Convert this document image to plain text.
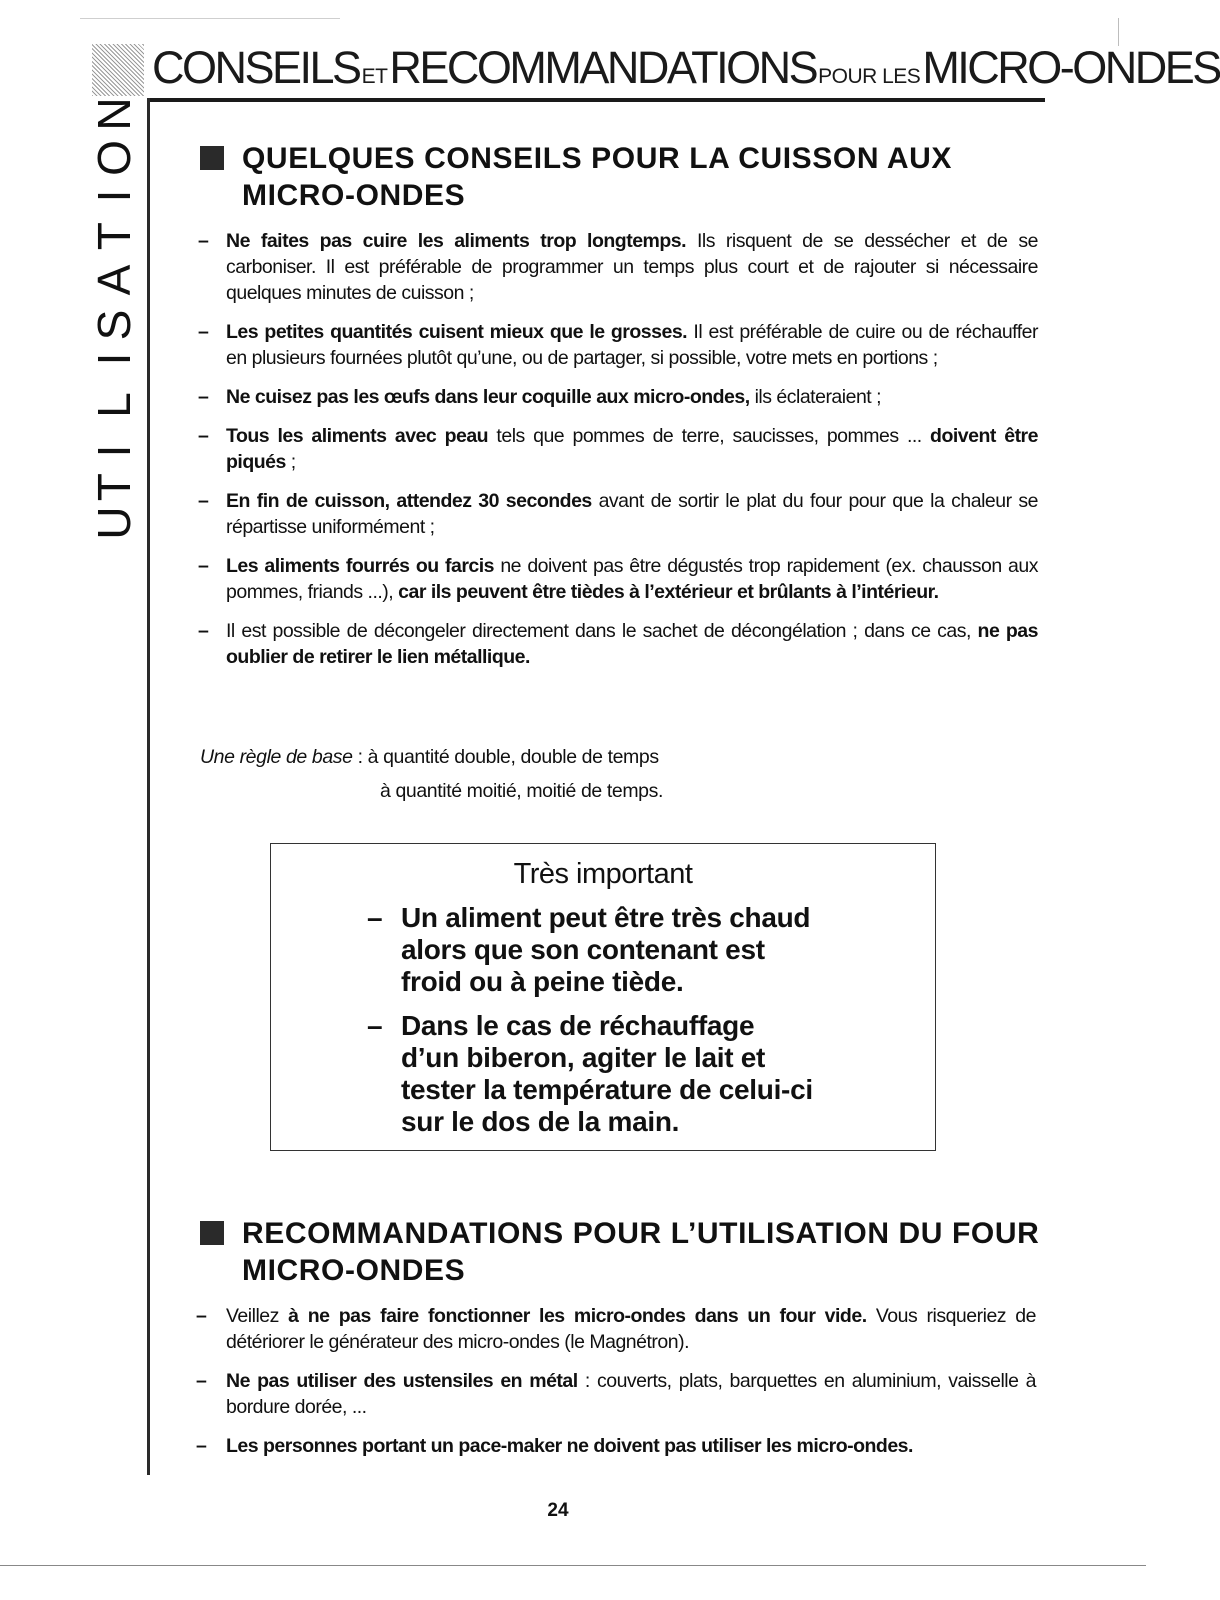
CONSEILSETRECOMMANDATIONSPOUR LESMICRO-ONDES
U
T
I
L
I
S
A
T
I
O
N
QUELQUES CONSEILS POUR LA CUISSON AUX MICRO-ONDES
– Ne faites pas cuire les aliments trop longtemps. Ils risquent de se dessécher et de se carboniser. Il est préférable de programmer un temps plus court et de rajouter si nécessaire quelques minutes de cuisson ;
– Les petites quantités cuisent mieux que le grosses. Il est préférable de cuire ou de réchauffer en plusieurs fournées plutôt qu’une, ou de partager, si possible, votre mets en portions ;
– Ne cuisez pas les œufs dans leur coquille aux micro-ondes, ils éclateraient ;
– Tous les aliments avec peau tels que pommes de terre, saucisses, pommes ... doivent être piqués ;
– En fin de cuisson, attendez 30 secondes avant de sortir le plat du four pour que la chaleur se répartisse uniformément ;
– Les aliments fourrés ou farcis ne doivent pas être dégustés trop rapidement (ex. chausson aux pommes, friands ...), car ils peuvent être tièdes à l’extérieur et brûlants à l’intérieur.
– Il est possible de décongeler directement dans le sachet de décongélation ; dans ce cas, ne pas oublier de retirer le lien métallique.
Une règle de base : à quantité double, double de temps
à quantité moitié, moitié de temps.
Très important
– Un aliment peut être très chaud alors que son contenant est froid ou à peine tiède.
– Dans le cas de réchauffage d’un biberon, agiter le lait et tester la température de celui-ci sur le dos de la main.
RECOMMANDATIONS POUR L’UTILISATION DU FOUR MICRO-ONDES
– Veillez à ne pas faire fonctionner les micro-ondes dans un four vide. Vous risqueriez de détériorer le générateur des micro-ondes (le Magnétron).
– Ne pas utiliser des ustensiles en métal : couverts, plats, barquettes en aluminium, vaisselle à bordure dorée, ...
– Les personnes portant un pace-maker ne doivent pas utiliser les micro-ondes.
24
